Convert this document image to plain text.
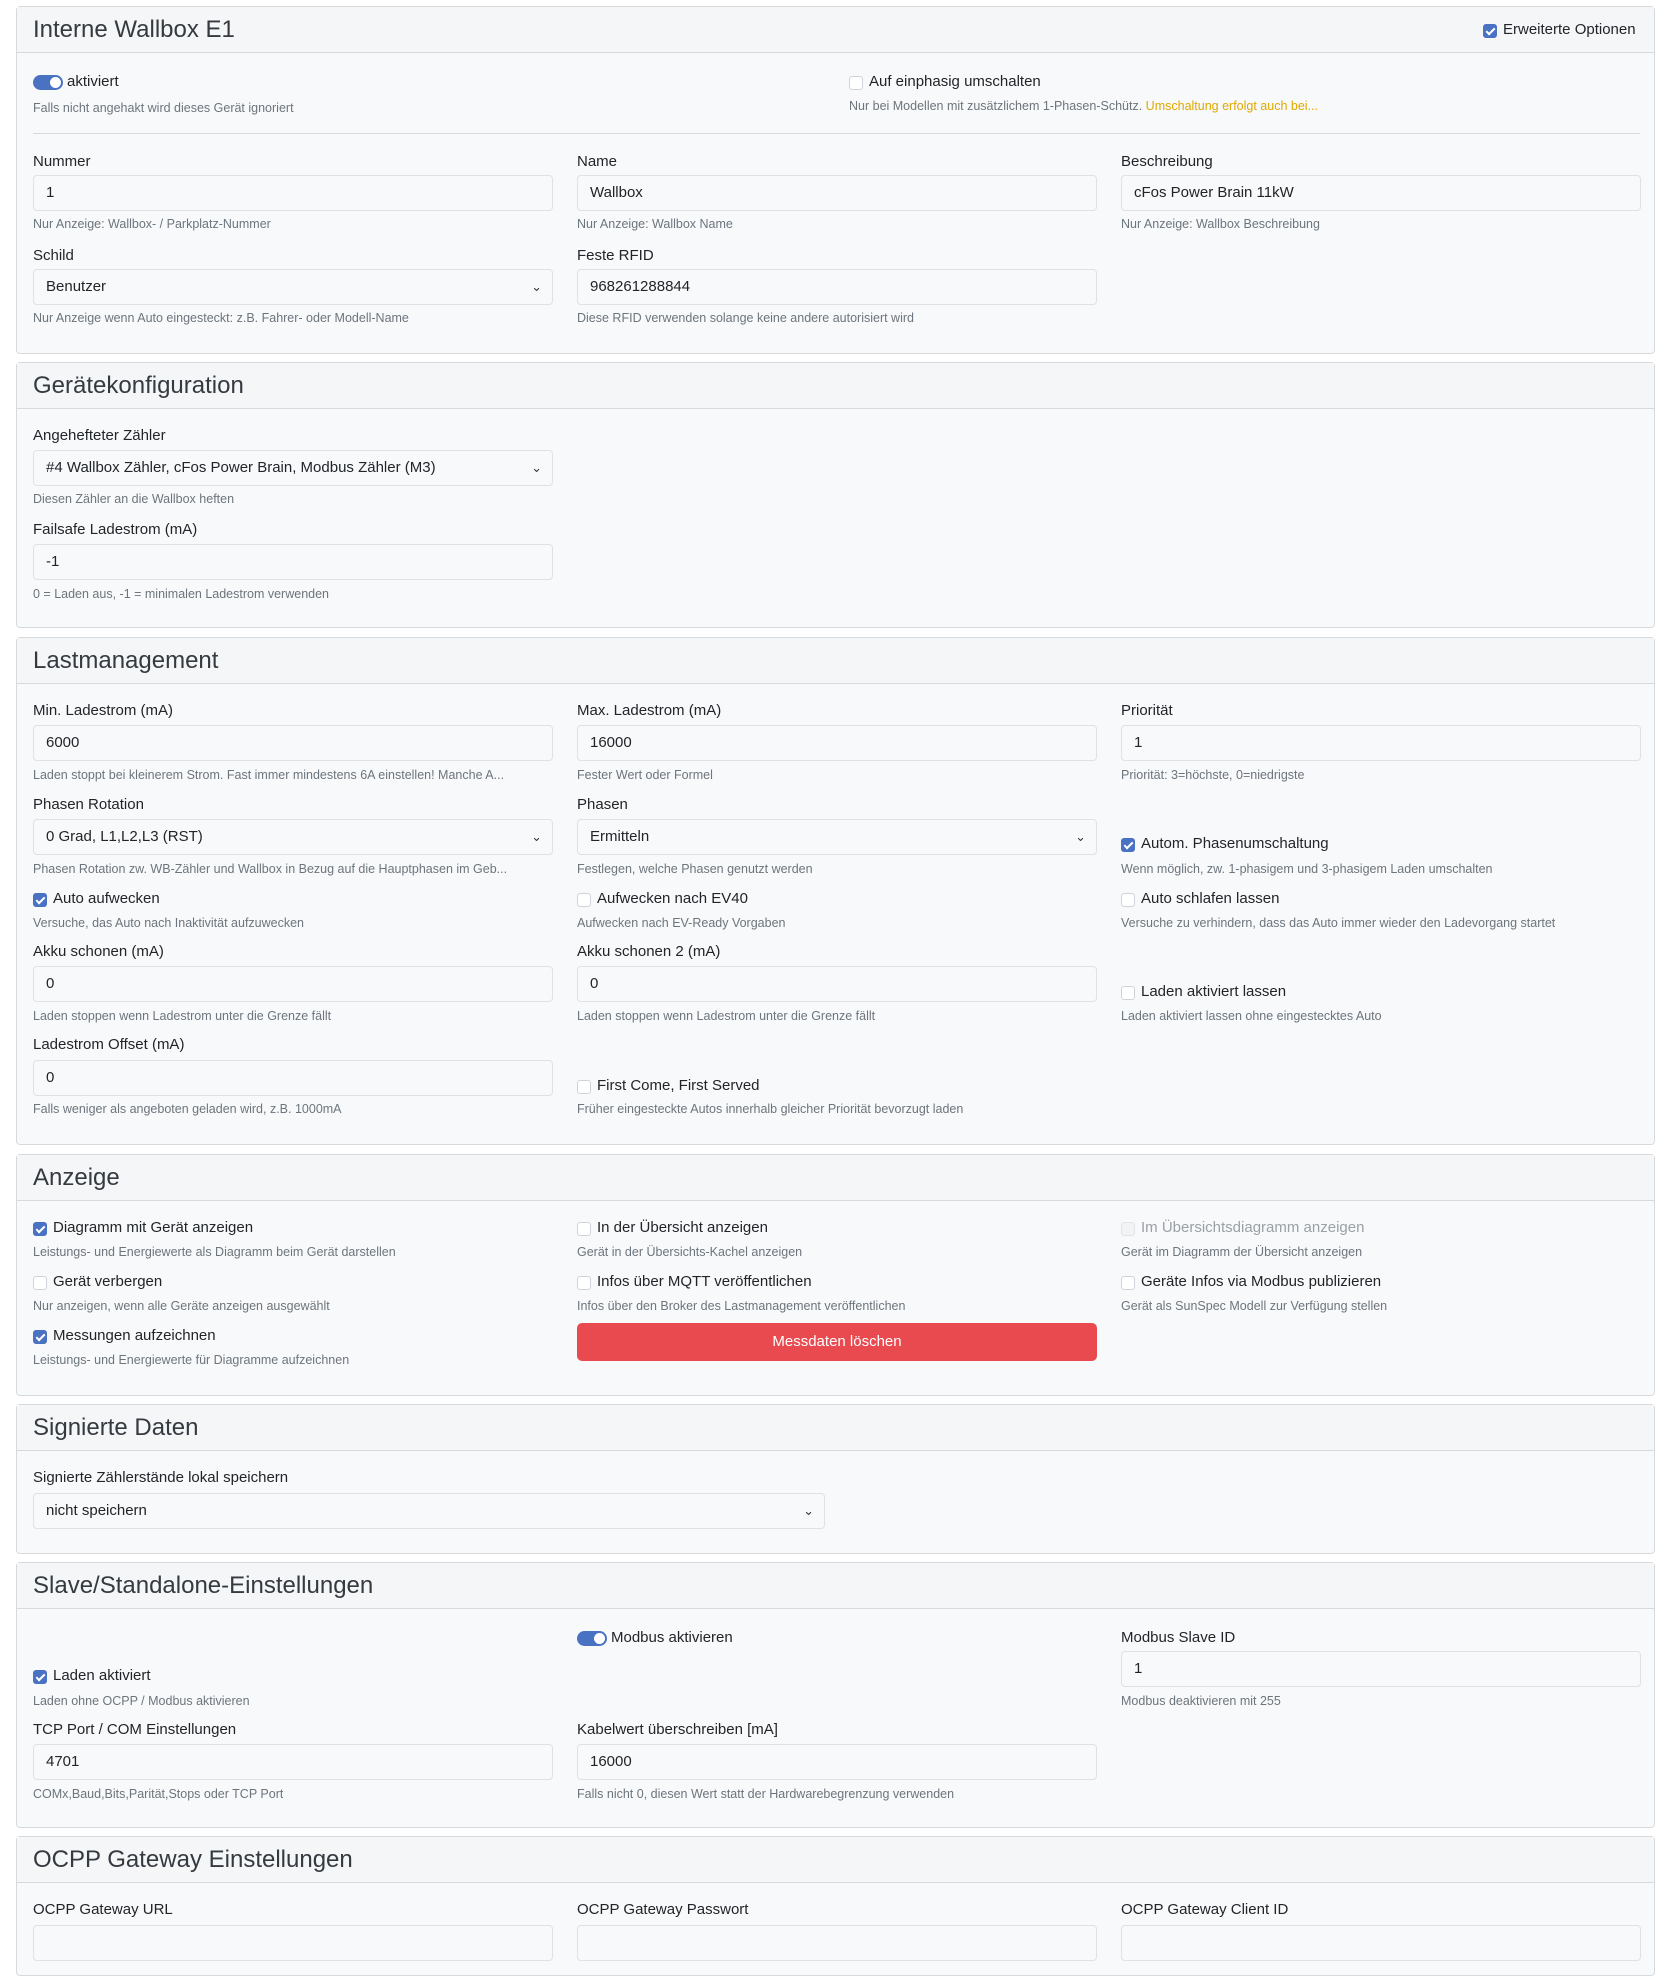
Interne Wallbox E1	Erweiterte Optionen
aktiviert
Falls nicht angehakt wird dieses Gerät ignoriert
Auf einphasig umschalten
Nur bei Modellen mit zusätzlichem 1-Phasen-Schütz. Umschaltung erfolgt auch bei...
Nummer
1
Nur Anzeige: Wallbox- / Parkplatz-Nummer
Name
Wallbox
Nur Anzeige: Wallbox Name
Beschreibung
cFos Power Brain 11kW
Nur Anzeige: Wallbox Beschreibung
Schild
Benutzer	⌄
Nur Anzeige wenn Auto eingesteckt: z.B. Fahrer- oder Modell-Name
Feste RFID
968261288844
Diese RFID verwenden solange keine andere autorisiert wird
Gerätekonfiguration
Angehefteter Zähler
#4 Wallbox Zähler, cFos Power Brain, Modbus Zähler (M3)	⌄
Diesen Zähler an die Wallbox heften
Failsafe Ladestrom (mA)
-1
0 = Laden aus, -1 = minimalen Ladestrom verwenden
Lastmanagement
Min. Ladestrom (mA)
6000
Laden stoppt bei kleinerem Strom. Fast immer mindestens 6A einstellen! Manche A...
Max. Ladestrom (mA)
16000
Fester Wert oder Formel
Priorität
1
Priorität: 3=höchste, 0=niedrigste
Phasen Rotation
0 Grad, L1,L2,L3 (RST)	⌄
Phasen Rotation zw. WB-Zähler und Wallbox in Bezug auf die Hauptphasen im Geb...
Phasen
Ermitteln	⌄
Festlegen, welche Phasen genutzt werden
Autom. Phasenumschaltung
Wenn möglich, zw. 1-phasigem und 3-phasigem Laden umschalten
Auto aufwecken
Versuche, das Auto nach Inaktivität aufzuwecken
Aufwecken nach EV40
Aufwecken nach EV-Ready Vorgaben
Auto schlafen lassen
Versuche zu verhindern, dass das Auto immer wieder den Ladevorgang startet
Akku schonen (mA)
0
Laden stoppen wenn Ladestrom unter die Grenze fällt
Akku schonen 2 (mA)
0
Laden stoppen wenn Ladestrom unter die Grenze fällt
Laden aktiviert lassen
Laden aktiviert lassen ohne eingestecktes Auto
Ladestrom Offset (mA)
0
Falls weniger als angeboten geladen wird, z.B. 1000mA
First Come, First Served
Früher eingesteckte Autos innerhalb gleicher Priorität bevorzugt laden
Anzeige
Diagramm mit Gerät anzeigen
Leistungs- und Energiewerte als Diagramm beim Gerät darstellen
In der Übersicht anzeigen
Gerät in der Übersichts-Kachel anzeigen
Im Übersichtsdiagramm anzeigen
Gerät im Diagramm der Übersicht anzeigen
Gerät verbergen
Nur anzeigen, wenn alle Geräte anzeigen ausgewählt
Infos über MQTT veröffentlichen
Infos über den Broker des Lastmanagement veröffentlichen
Geräte Infos via Modbus publizieren
Gerät als SunSpec Modell zur Verfügung stellen
Messungen aufzeichnen
Leistungs- und Energiewerte für Diagramme aufzeichnen
Messdaten löschen
Signierte Daten
Signierte Zählerstände lokal speichern
nicht speichern	⌄
Slave/Standalone-Einstellungen
Modbus aktivieren	Modbus Slave ID
1
Modbus deaktivieren mit 255
Laden aktiviert
Laden ohne OCPP / Modbus aktivieren
TCP Port / COM Einstellungen
4701
COMx,Baud,Bits,Parität,Stops oder TCP Port
Kabelwert überschreiben [mA]
16000
Falls nicht 0, diesen Wert statt der Hardwarebegrenzung verwenden
OCPP Gateway Einstellungen
OCPP Gateway URL	OCPP Gateway Passwort	OCPP Gateway Client ID
